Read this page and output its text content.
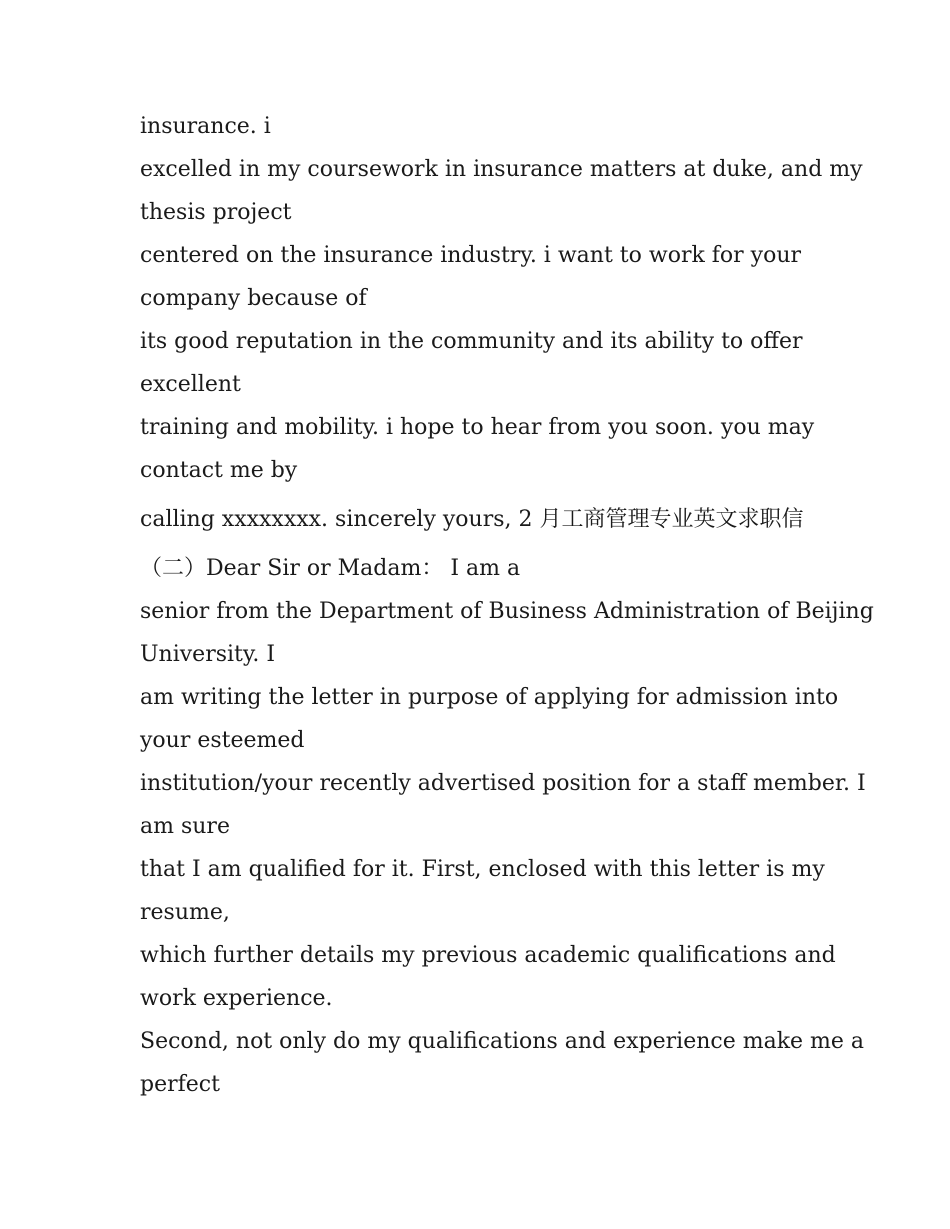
insurance. i

excelled in my coursework in insurance matters at duke, and my

thesis project

centered on the insurance industry. i want to work for your

company because of

its good reputation in the community and its ability to offer

excellent

training and mobility. i hope to hear from you soon. you may

contact me by

calling xxxxxxxx. sincerely yours, 2 月工商管理专业英文求职信

（二）Dear Sir or Madam： I am a

senior from the Department of Business Administration of Beijing

University. I

am writing the letter in purpose of applying for admission into

your esteemed

institution/your recently advertised position for a staff member. I

am sure

that I am qualified for it. First, enclosed with this letter is my

resume,

which further details my previous academic qualifications and

work experience.

Second, not only do my qualifications and experience make me a

perfect
